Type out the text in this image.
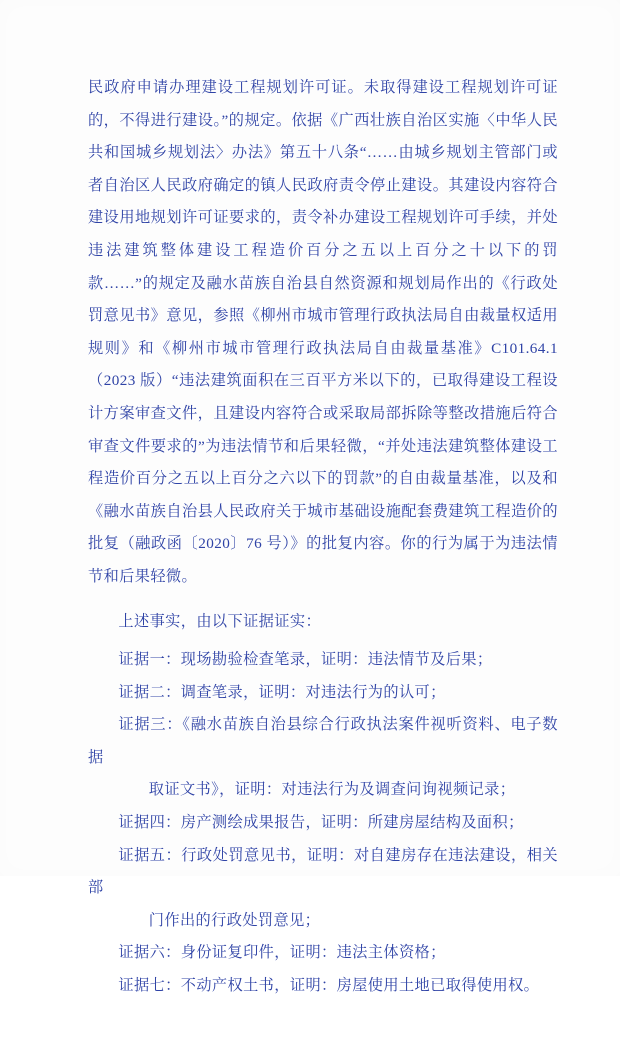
民政府申请办理建设工程规划许可证。未取得建设工程规划许可证的，不得进行建设。”的规定。依据《广西壮族自治区实施〈中华人民共和国城乡规划法〉办法》第五十八条“……由城乡规划主管部门或者自治区人民政府确定的镇人民政府责令停止建设。其建设内容符合建设用地规划许可证要求的，责令补办建设工程规划许可手续，并处违法建筑整体建设工程造价百分之五以上百分之十以下的罚款……”的规定及融水苗族自治县自然资源和规划局作出的《行政处罚意见书》意见，参照《柳州市城市管理行政执法局自由裁量权适用规则》和《柳州市城市管理行政执法局自由裁量基准》C101.64.1（2023 版）“违法建筑面积在三百平方米以下的，已取得建设工程设计方案审查文件，且建设内容符合或采取局部拆除等整改措施后符合审查文件要求的”为违法情节和后果轻微，“并处违法建筑整体建设工程造价百分之五以上百分之六以下的罚款”的自由裁量基准，以及和《融水苗族自治县人民政府关于城市基础设施配套费建筑工程造价的批复（融政函〔2020〕76 号）》的批复内容。你的行为属于为违法情节和后果轻微。

上述事实，由以下证据证实：

证据一：现场勘验检查笔录，证明：违法情节及后果；
证据二：调查笔录，证明：对违法行为的认可；
证据三：《融水苗族自治县综合行政执法案件视听资料、电子数据
取证文书》，证明：对违法行为及调查问询视频记录；
证据四：房产测绘成果报告，证明：所建房屋结构及面积；
证据五：行政处罚意见书，证明：对自建房存在违法建设，相关部
门作出的行政处罚意见；
证据六：身份证复印件，证明：违法主体资格；
证据七：不动产权土书，证明：房屋使用土地已取得使用权。
